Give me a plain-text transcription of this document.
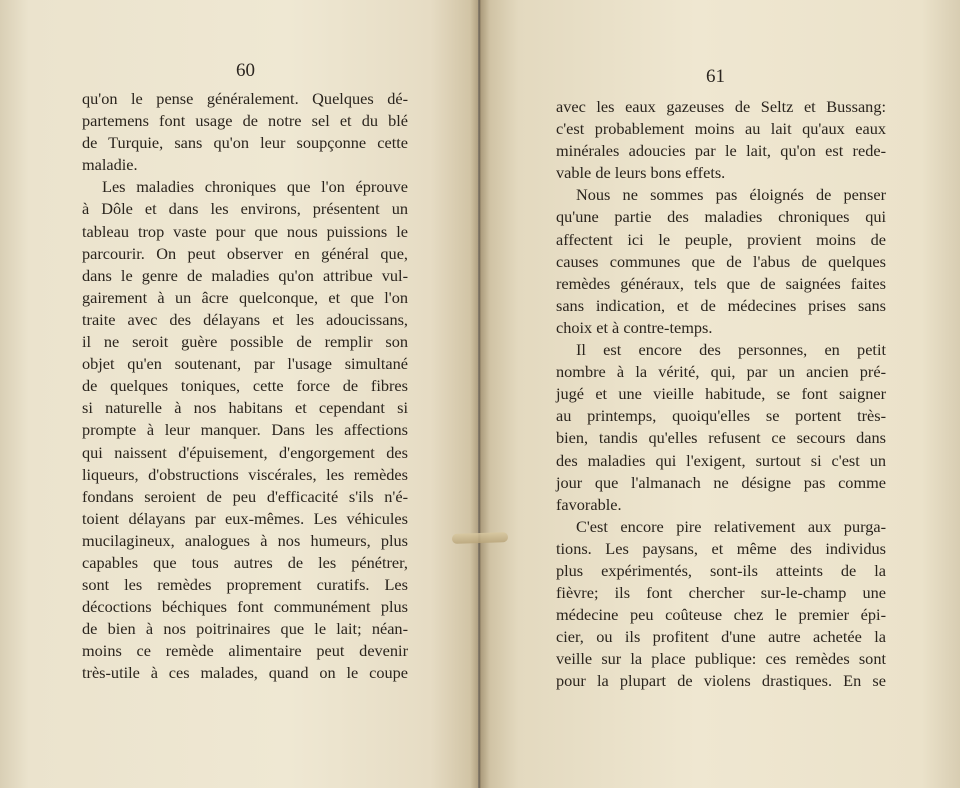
60

qu'on le pense généralement. Quelques dé-
partemens font usage de notre sel et du blé
de Turquie, sans qu'on leur soupçonne cette
maladie.
Les maladies chroniques que l'on éprouve
à Dôle et dans les environs, présentent un
tableau trop vaste pour que nous puissions le
parcourir. On peut observer en général que,
dans le genre de maladies qu'on attribue vul-
gairement à un âcre quelconque, et que l'on
traite avec des délayans et les adoucissans,
il ne seroit guère possible de remplir son
objet qu'en soutenant, par l'usage simultané
de quelques toniques, cette force de fibres
si naturelle à nos habitans et cependant si
prompte à leur manquer. Dans les affections
qui naissent d'épuisement, d'engorgement des
liqueurs, d'obstructions viscérales, les remèdes
fondans seroient de peu d'efficacité s'ils n'é-
toient délayans par eux-mêmes. Les véhicules
mucilagineux, analogues à nos humeurs, plus
capables que tous autres de les pénétrer,
sont les remèdes proprement curatifs. Les
décoctions béchiques font communément plus
de bien à nos poitrinaires que le lait; néan-
moins ce remède alimentaire peut devenir
très-utile à ces malades, quand on le coupe

61

avec les eaux gazeuses de Seltz et Bussang:
c'est probablement moins au lait qu'aux eaux
minérales adoucies par le lait, qu'on est rede-
vable de leurs bons effets.
Nous ne sommes pas éloignés de penser
qu'une partie des maladies chroniques qui
affectent ici le peuple, provient moins de
causes communes que de l'abus de quelques
remèdes généraux, tels que de saignées faites
sans indication, et de médecines prises sans
choix et à contre-temps.
Il est encore des personnes, en petit
nombre à la vérité, qui, par un ancien pré-
jugé et une vieille habitude, se font saigner
au printemps, quoiqu'elles se portent très-
bien, tandis qu'elles refusent ce secours dans
des maladies qui l'exigent, surtout si c'est un
jour que l'almanach ne désigne pas comme
favorable.
C'est encore pire relativement aux purga-
tions. Les paysans, et même des individus
plus expérimentés, sont-ils atteints de la
fièvre; ils font chercher sur-le-champ une
médecine peu coûteuse chez le premier épi-
cier, ou ils profitent d'une autre achetée la
veille sur la place publique: ces remèdes sont
pour la plupart de violens drastiques. En se
